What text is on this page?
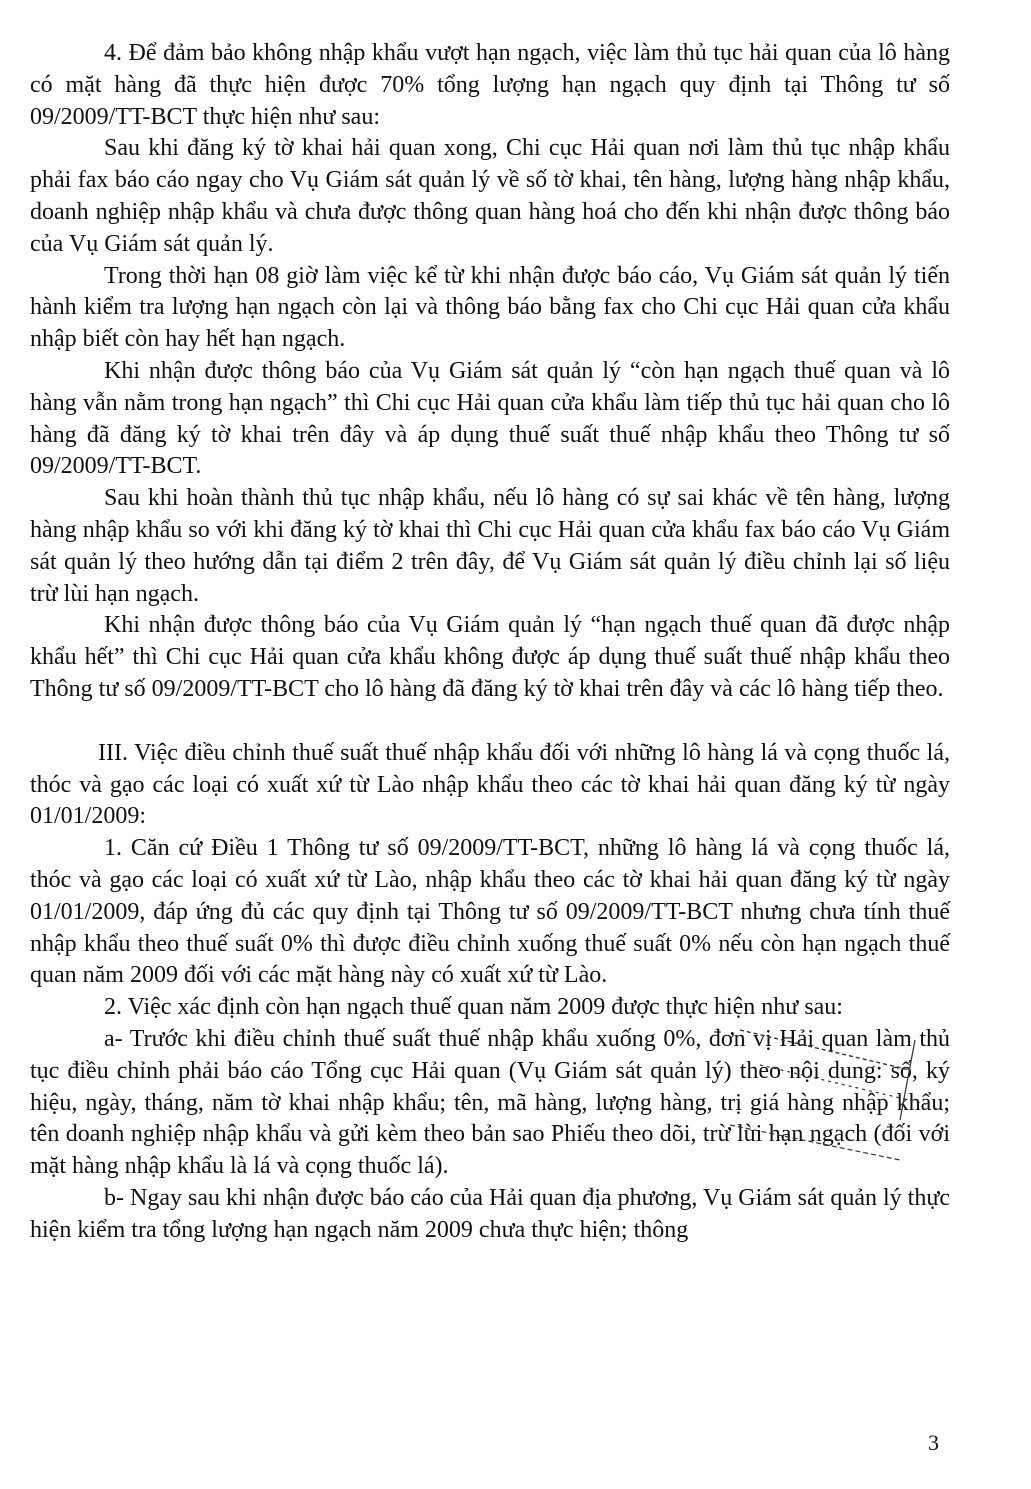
4. Để đảm bảo không nhập khẩu vượt hạn ngạch, việc làm thủ tục hải quan của lô hàng có mặt hàng đã thực hiện được 70% tổng lượng hạn ngạch quy định tại Thông tư số 09/2009/TT-BCT thực hiện như sau:

Sau khi đăng ký tờ khai hải quan xong, Chi cục Hải quan nơi làm thủ tục nhập khẩu phải fax báo cáo ngay cho Vụ Giám sát quản lý về số tờ khai, tên hàng, lượng hàng nhập khẩu, doanh nghiệp nhập khẩu và chưa được thông quan hàng hoá cho đến khi nhận được thông báo của Vụ Giám sát quản lý.

Trong thời hạn 08 giờ làm việc kể từ khi nhận được báo cáo, Vụ Giám sát quản lý tiến hành kiểm tra lượng hạn ngạch còn lại và thông báo bằng fax cho Chi cục Hải quan cửa khẩu nhập biết còn hay hết hạn ngạch.

Khi nhận được thông báo của Vụ Giám sát quản lý “còn hạn ngạch thuế quan và lô hàng vẫn nằm trong hạn ngạch” thì Chi cục Hải quan cửa khẩu làm tiếp thủ tục hải quan cho lô hàng đã đăng ký tờ khai trên đây và áp dụng thuế suất thuế nhập khẩu theo Thông tư số 09/2009/TT-BCT.

Sau khi hoàn thành thủ tục nhập khẩu, nếu lô hàng có sự sai khác về tên hàng, lượng hàng nhập khẩu so với khi đăng ký tờ khai thì Chi cục Hải quan cửa khẩu fax báo cáo Vụ Giám sát quản lý theo hướng dẫn tại điểm 2 trên đây, để Vụ Giám sát quản lý điều chỉnh lại số liệu trừ lùi hạn ngạch.

Khi nhận được thông báo của Vụ Giám quản lý “hạn ngạch thuế quan đã được nhập khẩu hết” thì Chi cục Hải quan cửa khẩu không được áp dụng thuế suất thuế nhập khẩu theo Thông tư số 09/2009/TT-BCT cho lô hàng đã đăng ký tờ khai trên đây và các lô hàng tiếp theo.

III. Việc điều chỉnh thuế suất thuế nhập khẩu đối với những lô hàng lá và cọng thuốc lá, thóc và gạo các loại có xuất xứ từ Lào nhập khẩu theo các tờ khai hải quan đăng ký từ ngày 01/01/2009:

1. Căn cứ Điều 1 Thông tư số 09/2009/TT-BCT, những lô hàng lá và cọng thuốc lá, thóc và gạo các loại có xuất xứ từ Lào, nhập khẩu theo các tờ khai hải quan đăng ký từ ngày 01/01/2009, đáp ứng đủ các quy định tại Thông tư số 09/2009/TT-BCT nhưng chưa tính thuế nhập khẩu theo thuế suất 0% thì được điều chỉnh xuống thuế suất 0% nếu còn hạn ngạch thuế quan năm 2009 đối với các mặt hàng này có xuất xứ từ Lào.

2. Việc xác định còn hạn ngạch thuế quan năm 2009 được thực hiện như sau:

a- Trước khi điều chỉnh thuế suất thuế nhập khẩu xuống 0%, đơn vị Hải quan làm thủ tục điều chỉnh phải báo cáo Tổng cục Hải quan (Vụ Giám sát quản lý) theo nội dung: số, ký hiệu, ngày, tháng, năm tờ khai nhập khẩu; tên, mã hàng, lượng hàng, trị giá hàng nhập khẩu; tên doanh nghiệp nhập khẩu và gửi kèm theo bản sao Phiếu theo dõi, trừ lùi hạn ngạch (đối với mặt hàng nhập khẩu là lá và cọng thuốc lá).

b- Ngay sau khi nhận được báo cáo của Hải quan địa phương, Vụ Giám sát quản lý thực hiện kiểm tra tổng lượng hạn ngạch năm 2009 chưa thực hiện; thông

3
